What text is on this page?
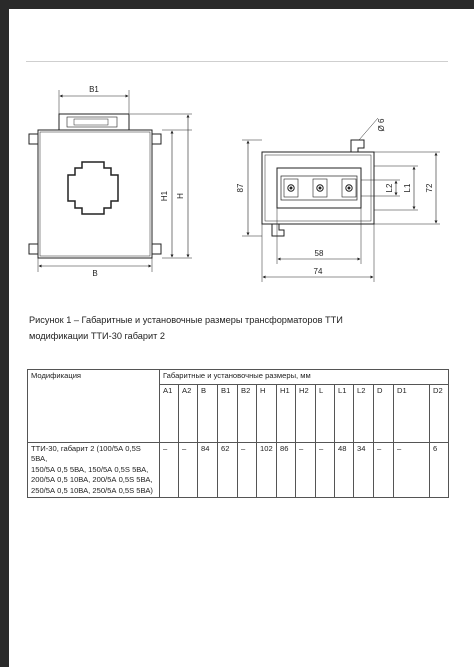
B1
B
H1 H
Ø 6
87	L2 L1 72
58
74
Рисунок 1 – Габаритные и установочные размеры трансформаторов ТТИ
модификации ТТИ-30 габарит 2
Модификация	Габаритные и установочные размеры, мм													
	A1	A2	B	B1	B2	H	H1	H2	L	L1	L2	D	D1	D2

ТТИ-30, габарит 2 (100/5А 0,5S 5ВА,
150/5А 0,5 5ВА, 150/5А 0,5S 5ВА,
200/5А 0,5 10ВА, 200/5А 0,5S 5ВА,
250/5А 0,5 10ВА, 250/5А 0,5S 5ВА)	–	–	84	62	–	102	86	–	–	48	34	–	–	6
